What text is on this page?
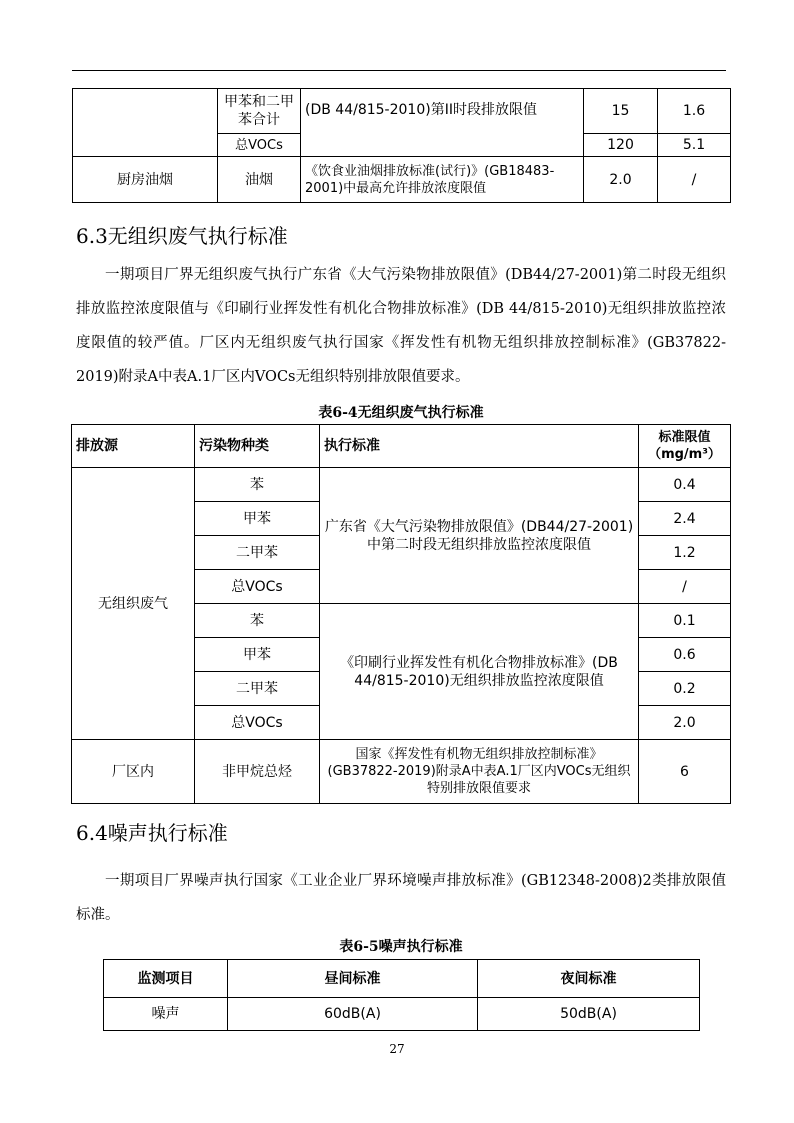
	甲苯和二甲苯合计	(DB 44/815-2010)第II时段排放限值	15	1.6
	总VOCs		120	5.1
厨房油烟	油烟	《饮食业油烟排放标准(试行)》(GB18483-2001)中最高允许排放浓度限值	2.0	/
6.3无组织废气执行标准

一期项目厂界无组织废气执行广东省《大气污染物排放限值》(DB44/27-2001)第二时段无组织排放监控浓度限值与《印刷行业挥发性有机化合物排放标准》(DB 44/815-2010)无组织排放监控浓度限值的较严值。厂区内无组织废气执行国家《挥发性有机物无组织排放控制标准》(GB37822-2019)附录A中表A.1厂区内VOCs无组织特别排放限值要求。

表6-4无组织废气执行标准
排放源	污染物种类	执行标准	标准限值（mg/m³）
无组织废气	苯	广东省《大气污染物排放限值》(DB44/27-2001)中第二时段无组织排放监控浓度限值	0.4
	甲苯		2.4
	二甲苯		1.2
	总VOCs		/
	苯	《印刷行业挥发性有机化合物排放标准》(DB 44/815-2010)无组织排放监控浓度限值	0.1
	甲苯		0.6
	二甲苯		0.2
	总VOCs		2.0
厂区内	非甲烷总烃	国家《挥发性有机物无组织排放控制标准》(GB37822-2019)附录A中表A.1厂区内VOCs无组织特别排放限值要求	6
6.4噪声执行标准

一期项目厂界噪声执行国家《工业企业厂界环境噪声排放标准》(GB12348-2008)2类排放限值标准。

表6-5噪声执行标准
监测项目	昼间标准	夜间标准
噪声	60dB(A)	50dB(A)
27
